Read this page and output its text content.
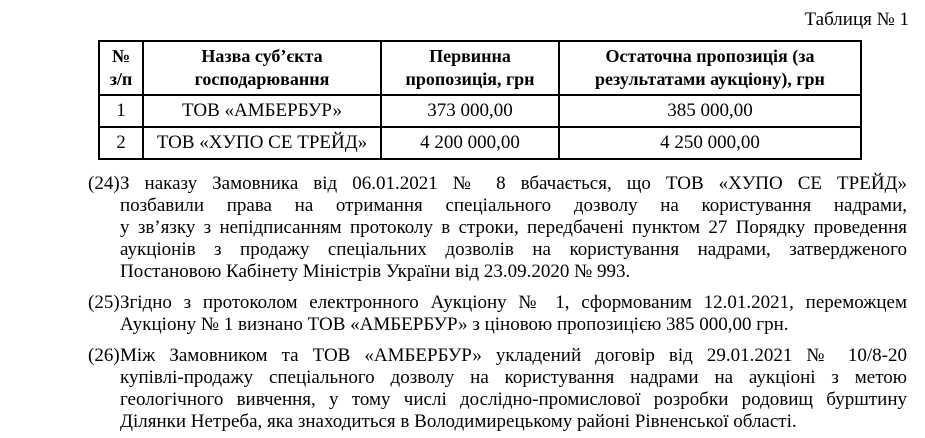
Таблиця № 1
№ з/п	Назва суб’єкта господарювання	Первинна пропозиція, грн	Остаточна пропозиція (за результатами аукціону), грн
1	ТОВ «АМБЕРБУР»	373 000,00	385 000,00
2	ТОВ «ХУПО СЕ ТРЕЙД»	4 200 000,00	4 250 000,00
(24) З наказу Замовника від 06.01.2021 № 8 вбачається, що ТОВ «ХУПО СЕ ТРЕЙД»
позбавили права на отримання спеціального дозволу на користування надрами,
у зв’язку з непідписанням протоколу в строки, передбачені пунктом 27 Порядку проведення
аукціонів з продажу спеціальних дозволів на користування надрами, затвердженого
Постановою Кабінету Міністрів України від 23.09.2020 № 993.
(25) Згідно з протоколом електронного Аукціону № 1, сформованим 12.01.2021, переможцем
Аукціону № 1 визнано ТОВ «АМБЕРБУР» з ціновою пропозицією 385 000,00 грн.
(26) Між Замовником та ТОВ «АМБЕРБУР» укладений договір від 29.01.2021 № 10/8-20
купівлі-продажу спеціального дозволу на користування надрами на аукціоні з метою
геологічного вивчення, у тому числі дослідно-промислової розробки родовищ бурштину
Ділянки Нетреба, яка знаходиться в Володимирецькому районі Рівненської області.
